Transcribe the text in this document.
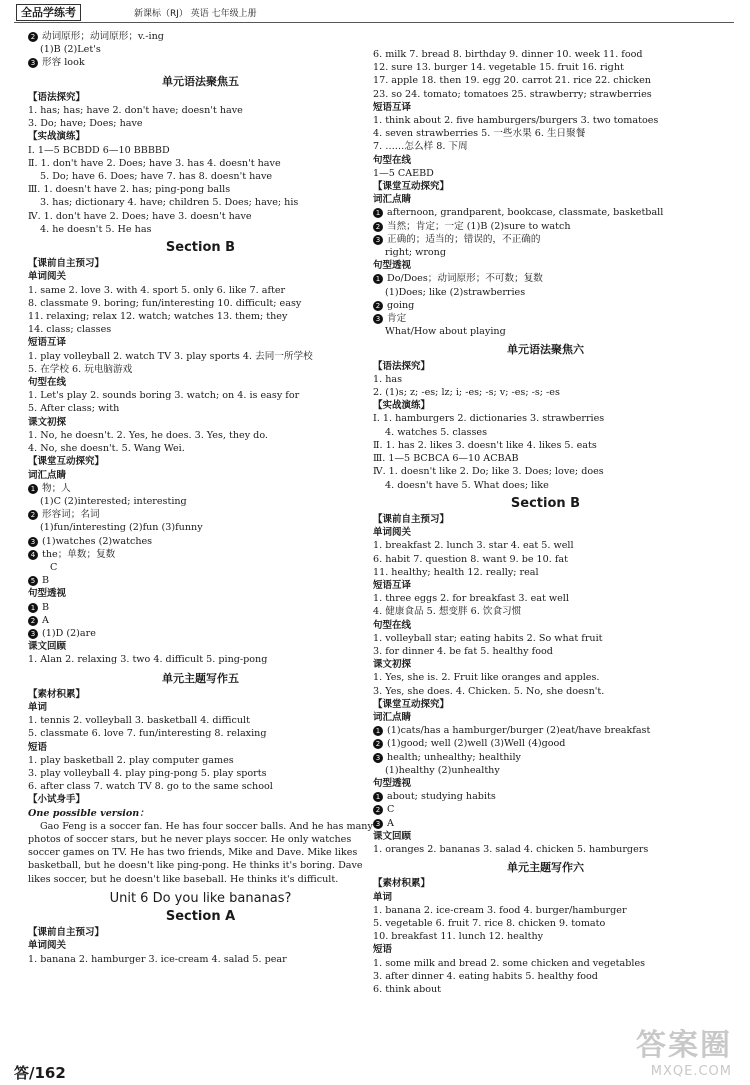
全品学练考	新课标（RJ） 英语 七年级上册
2 动词原形；动词原形；v.-ing
(1)B (2)Let's
3 形容 look
单元语法聚焦五
【语法探究】
1. has; has; have 2. don't have; doesn't have
3. Do; have; Does; have
【实战演练】
Ⅰ. 1—5 BCBDD 6—10 BBBBD
Ⅱ. 1. don't have 2. Does; have 3. has 4. doesn't have
5. Do; have 6. Does; have 7. has 8. doesn't have
Ⅲ. 1. doesn't have 2. has; ping-pong balls
3. has; dictionary 4. have; children 5. Does; have; his
Ⅳ. 1. don't have 2. Does; have 3. doesn't have
4. he doesn't 5. He has
Section B
【课前自主预习】
单词阅关
1. same 2. love 3. with 4. sport 5. only 6. like 7. after
8. classmate 9. boring; fun/interesting 10. difficult; easy
11. relaxing; relax 12. watch; watches 13. them; they
14. class; classes
短语互译
1. play volleyball 2. watch TV 3. play sports 4. 去同一所学校
5. 在学校 6. 玩电脑游戏
句型在线
1. Let's play 2. sounds boring 3. watch; on 4. is easy for
5. After class; with
课文初探
1. No, he doesn't. 2. Yes, he does. 3. Yes, they do.
4. No, she doesn't. 5. Wang Wei.
【课堂互动探究】
词汇点睛
1 物；人
(1)C (2)interested; interesting
2 形容词；名词
(1)fun/interesting (2)fun (3)funny
3 (1)watches (2)watches
4 the；单数；复数
C
5 B
句型透视
1 B
2 A
3 (1)D (2)are
课文回顾
1. Alan 2. relaxing 3. two 4. difficult 5. ping-pong
单元主题写作五
【素材积累】
单词
1. tennis 2. volleyball 3. basketball 4. difficult
5. classmate 6. love 7. fun/interesting 8. relaxing
短语
1. play basketball 2. play computer games
3. play volleyball 4. play ping-pong 5. play sports
6. after class 7. watch TV 8. go to the same school
【小试身手】
One possible version：
Gao Feng is a soccer fan. He has four soccer balls. And he has many photos of soccer stars, but he never plays soccer. He only watches soccer games on TV. He has two friends, Mike and Dave. Mike likes basketball, but he doesn't like ping-pong. He thinks it's boring. Dave likes soccer, but he doesn't like baseball. He thinks it's difficult.
Unit 6 Do you like bananas?
Section A
【课前自主预习】
单词阅关
1. banana 2. hamburger 3. ice-cream 4. salad 5. pear
6. milk 7. bread 8. birthday 9. dinner 10. week 11. food
12. sure 13. burger 14. vegetable 15. fruit 16. right
17. apple 18. then 19. egg 20. carrot 21. rice 22. chicken
23. so 24. tomato; tomatoes 25. strawberry; strawberries
短语互译
1. think about 2. five hamburgers/burgers 3. two tomatoes
4. seven strawberries 5. 一些水果 6. 生日聚餐
7. ……怎么样 8. 下周
句型在线
1—5 CAEBD
【课堂互动探究】
词汇点睛
1 afternoon, grandparent, bookcase, classmate, basketball
2 当然；肯定；一定 (1)B (2)sure to watch
3 正确的；适当的；错误的，不正确的
right; wrong
句型透视
1 Do/Does；动词原形；不可数；复数
(1)Does; like (2)strawberries
2 going
3 肯定
What/How about playing
单元语法聚焦六
【语法探究】
1. has
2. (1)s; z; -es; lz; i; -es; -s; v; -es; -s; -es
【实战演练】
Ⅰ. 1. hamburgers 2. dictionaries 3. strawberries
4. watches 5. classes
Ⅱ. 1. has 2. likes 3. doesn't like 4. likes 5. eats
Ⅲ. 1—5 BCBCA 6—10 ACBAB
Ⅳ. 1. doesn't like 2. Do; like 3. Does; love; does
4. doesn't have 5. What does; like
Section B
【课前自主预习】
单词阅关
1. breakfast 2. lunch 3. star 4. eat 5. well
6. habit 7. question 8. want 9. be 10. fat
11. healthy; health 12. really; real
短语互译
1. three eggs 2. for breakfast 3. eat well
4. 健康食品 5. 想变胖 6. 饮食习惯
句型在线
1. volleyball star; eating habits 2. So what fruit
3. for dinner 4. be fat 5. healthy food
课文初探
1. Yes, she is. 2. Fruit like oranges and apples.
3. Yes, she does. 4. Chicken. 5. No, she doesn't.
【课堂互动探究】
词汇点睛
1 (1)cats/has a hamburger/burger (2)eat/have breakfast
2 (1)good; well (2)well (3)Well (4)good
3 health; unhealthy; healthily
(1)healthy (2)unhealthy
句型透视
1 about; studying habits
2 C
3 A
课文回顾
1. oranges 2. bananas 3. salad 4. chicken 5. hamburgers
单元主题写作六
【素材积累】
单词
1. banana 2. ice-cream 3. food 4. burger/hamburger
5. vegetable 6. fruit 7. rice 8. chicken 9. tomato
10. breakfast 11. lunch 12. healthy
短语
1. some milk and bread 2. some chicken and vegetables
3. after dinner 4. eating habits 5. healthy food
6. think about
答/162
答案圈
MXQE.COM
